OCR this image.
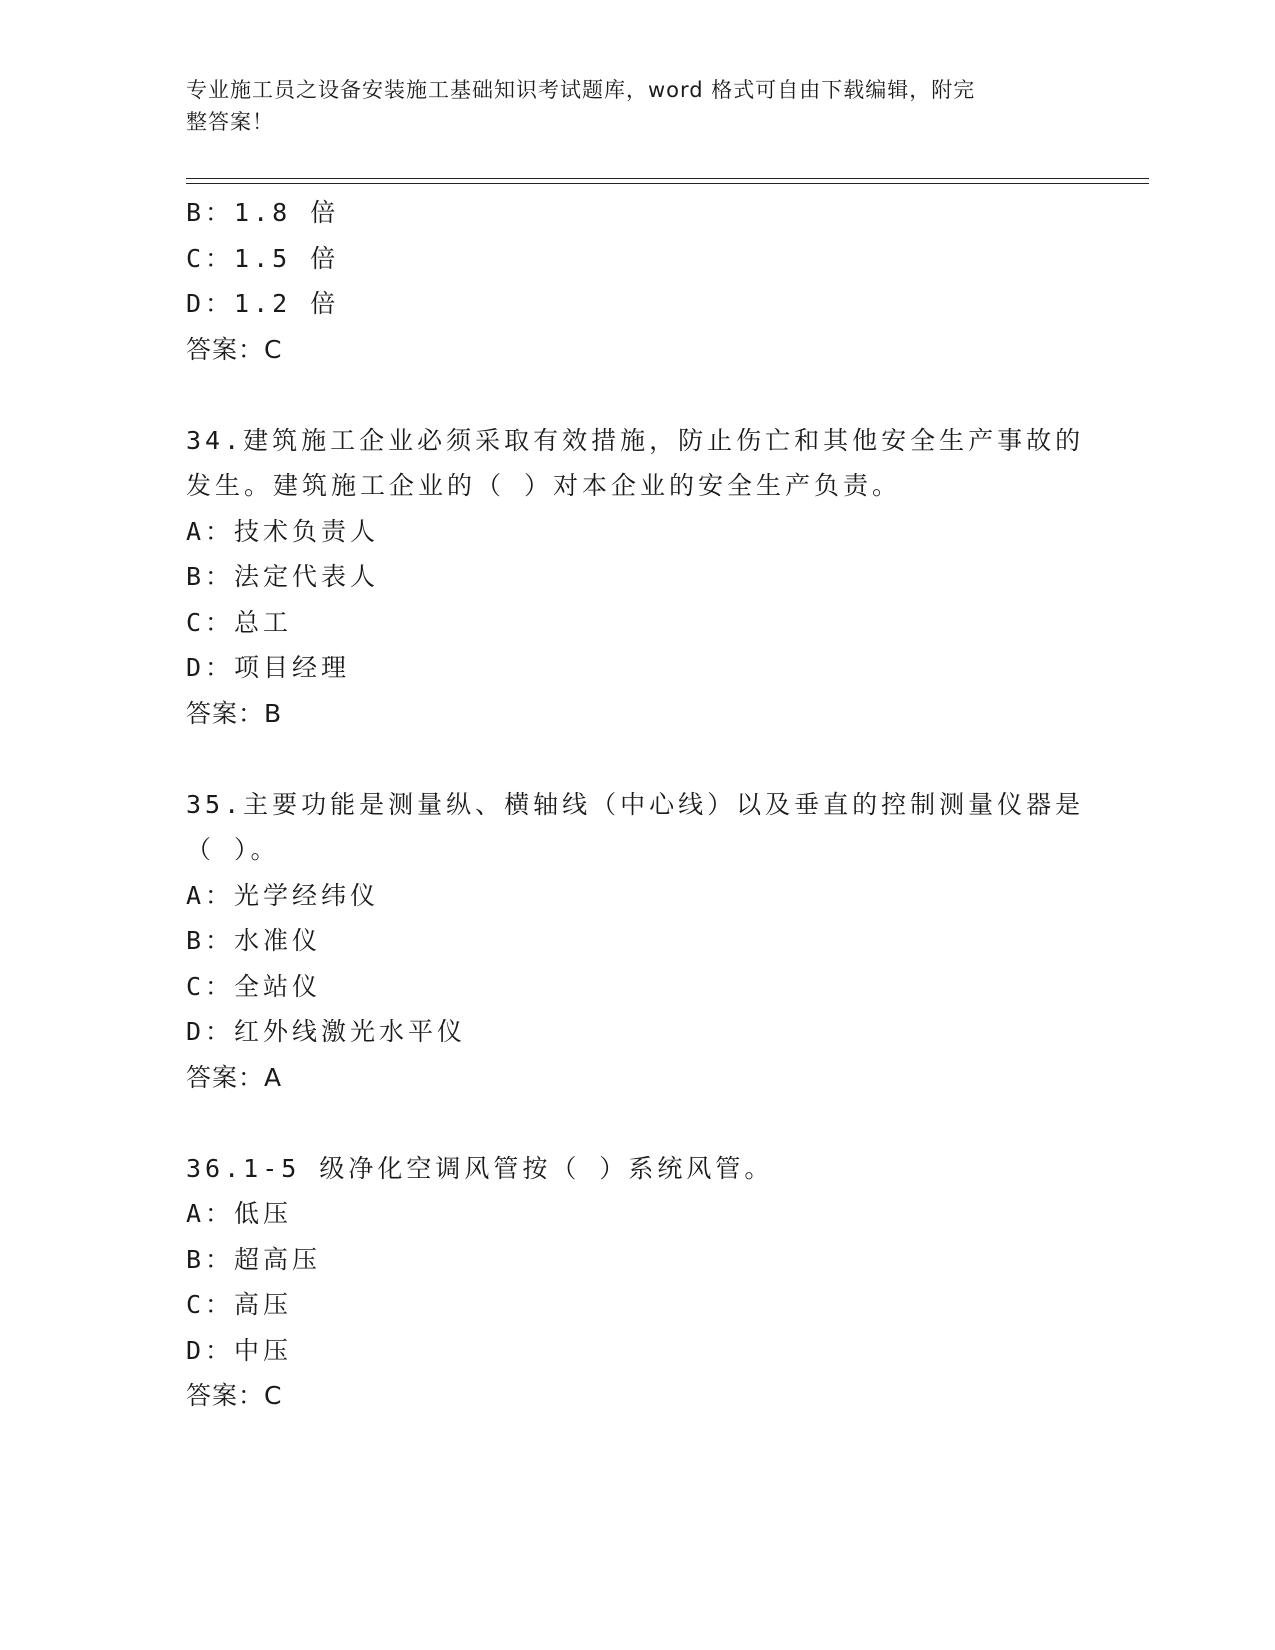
专业施工员之设备安装施工基础知识考试题库，word 格式可自由下载编辑，附完
整答案！
B：1.8 倍
C：1.5 倍
D：1.2 倍
答案：C
34.建筑施工企业必须采取有效措施，防止伤亡和其他安全生产事故的
发生。建筑施工企业的（ ）对本企业的安全生产负责。
A：技术负责人
B：法定代表人
C：总工
D：项目经理
答案：B
35.主要功能是测量纵、横轴线（中心线）以及垂直的控制测量仪器是
（ ）。
A：光学经纬仪
B：水准仪
C：全站仪
D：红外线激光水平仪
答案：A
36.1-5 级净化空调风管按（ ）系统风管。
A：低压
B：超高压
C：高压
D：中压
答案：C
